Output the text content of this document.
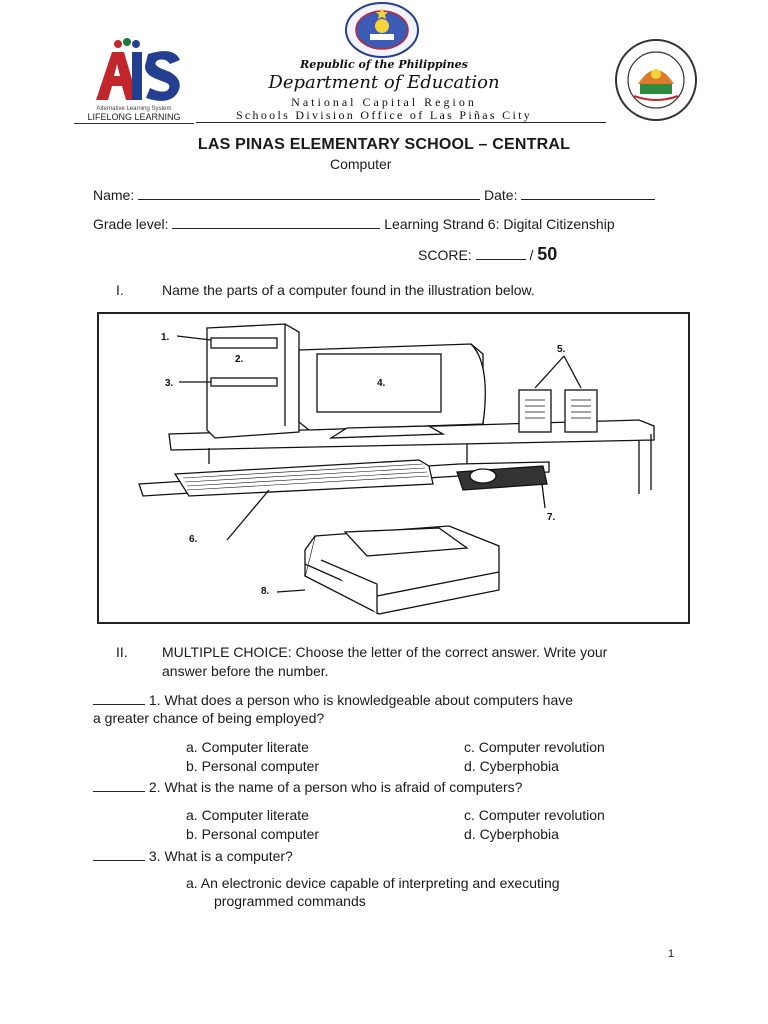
Alternative Learning System
LIFELONG LEARNING
Republic of the Philippines
Department of Education
National Capital Region
Schools Division Office of Las Piñas City
LAS PINAS ELEMENTARY SCHOOL – CENTRAL
Computer
Name:	Date:
Grade level:	Learning Strand 6: Digital Citizenship
SCORE:	/ 50
I.	Name the parts of a computer found in the illustration below.
1.
2.
3.	4.
5.
6.
7.
8.
II. MULTIPLE CHOICE: Choose the letter of the correct answer. Write your
answer before the number.
1. What does a person who is knowledgeable about computers have
a greater chance of being employed?
a. Computer literate
b. Personal computer
c. Computer revolution
d. Cyberphobia
2. What is the name of a person who is afraid of computers?
a. Computer literate
b. Personal computer
c. Computer revolution
d. Cyberphobia
3. What is a computer?
a. An electronic device capable of interpreting and executing
programmed commands
1
